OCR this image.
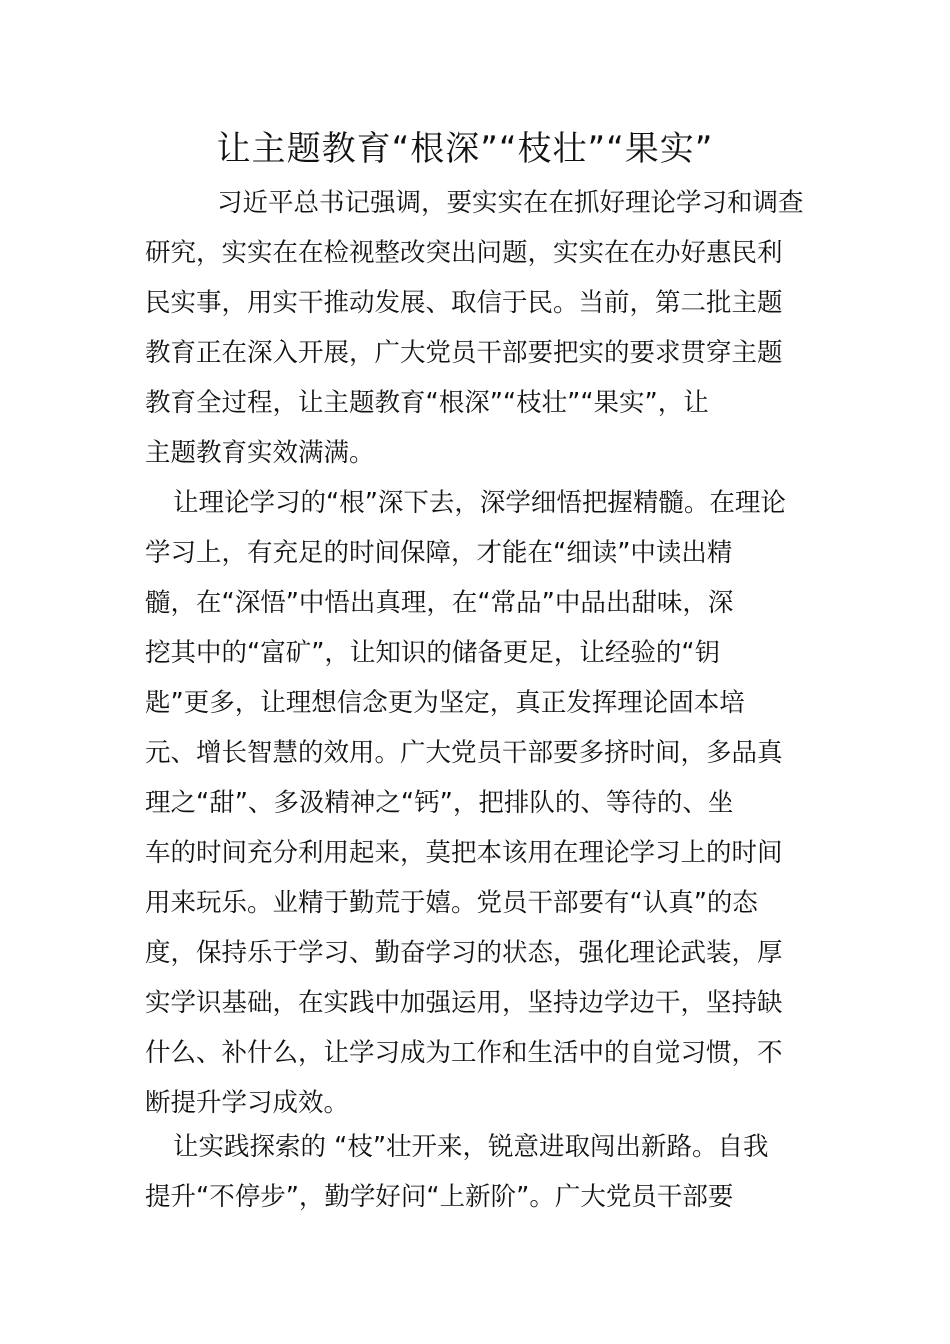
让主题教育“根深”“枝壮”“果实”
习近平总书记强调，要实实在在抓好理论学习和调查
研究，实实在在检视整改突出问题，实实在在办好惠民利
民实事，用实干推动发展、取信于民。当前，第二批主题
教育正在深入开展，广大党员干部要把实的要求贯穿主题
教育全过程，让主题教育“根深”“枝壮”“果实”，让
主题教育实效满满。
让理论学习的“根”深下去，深学细悟把握精髓。在理论
学习上，有充足的时间保障，才能在“细读”中读出精
髓，在“深悟”中悟出真理，在“常品”中品出甜味，深
挖其中的“富矿”，让知识的储备更足，让经验的“钥
匙”更多，让理想信念更为坚定，真正发挥理论固本培
元、增长智慧的效用。广大党员干部要多挤时间，多品真
理之“甜”、多汲精神之“钙”，把排队的、等待的、坐
车的时间充分利用起来，莫把本该用在理论学习上的时间
用来玩乐。业精于勤荒于嬉。党员干部要有“认真”的态
度，保持乐于学习、勤奋学习的状态，强化理论武装，厚
实学识基础，在实践中加强运用，坚持边学边干，坚持缺
什么、补什么，让学习成为工作和生活中的自觉习惯，不
断提升学习成效。
让实践探索的 “枝”壮开来，锐意进取闯出新路。自我
提升“不停步”，勤学好问“上新阶”。广大党员干部要
